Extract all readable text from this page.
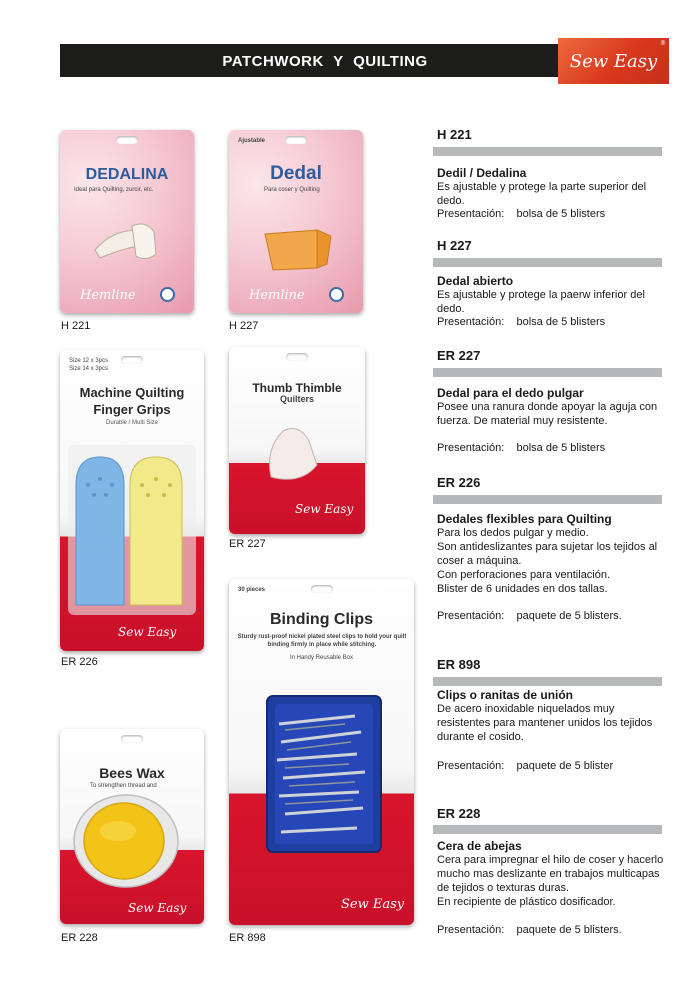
PATCHWORK Y QUILTING	Sew Easy
®
DEDALINA
Ideal para Quilting, zurcir, etc.
Hemline
H 221
Ajustable
Dedal
Para coser y Quilting
Hemline
H 227
Size 12 x 3pcs
Size 14 x 3pcs
Machine Quilting
Finger Grips
Durable / Multi Size
Sew Easy
ER 226
Thumb Thimble
Quilters
Sew Easy
ER 227
30 pieces
Binding Clips
Sturdy rust-proof nickel plated steel clips to hold your quilt binding firmly in place while stitching.
In Handy Reusable Box
Sew Easy
ER 898
Bees Wax
To strengthen thread and
Sew Easy
ER 228
H 221
Dedil / Dedalina

Es ajustable y protege la parte superior del dedo.

Presentación:    bolsa de 5 blisters
H 227
Dedal abierto

Es ajustable y protege la paerw inferior del dedo.

Presentación:    bolsa de 5 blisters
ER 227
Dedal para el dedo pulgar

Posee una ranura donde apoyar la aguja con fuerza. De material muy resistente.

Presentación:    bolsa de 5 blisters
ER 226
Dedales flexibles para Quilting

Para los dedos pulgar y medio.
Son antideslizantes para sujetar los tejidos al coser a máquina.
Con perforaciones para ventilación.
Blister de 6 unidades en dos tallas.

Presentación:    paquete de 5 blisters.
ER 898
Clips o ranitas de unión

De acero inoxidable niquelados muy resistentes para mantener unidos los tejidos durante el cosido.

Presentación:    paquete de 5 blister
ER 228
Cera de abejas

Cera para impregnar el hilo de coser y hacerlo mucho mas deslizante en trabajos multicapas de tejidos o texturas duras.
En recipiente de plástico dosificador.

Presentación:    paquete de 5 blisters.
